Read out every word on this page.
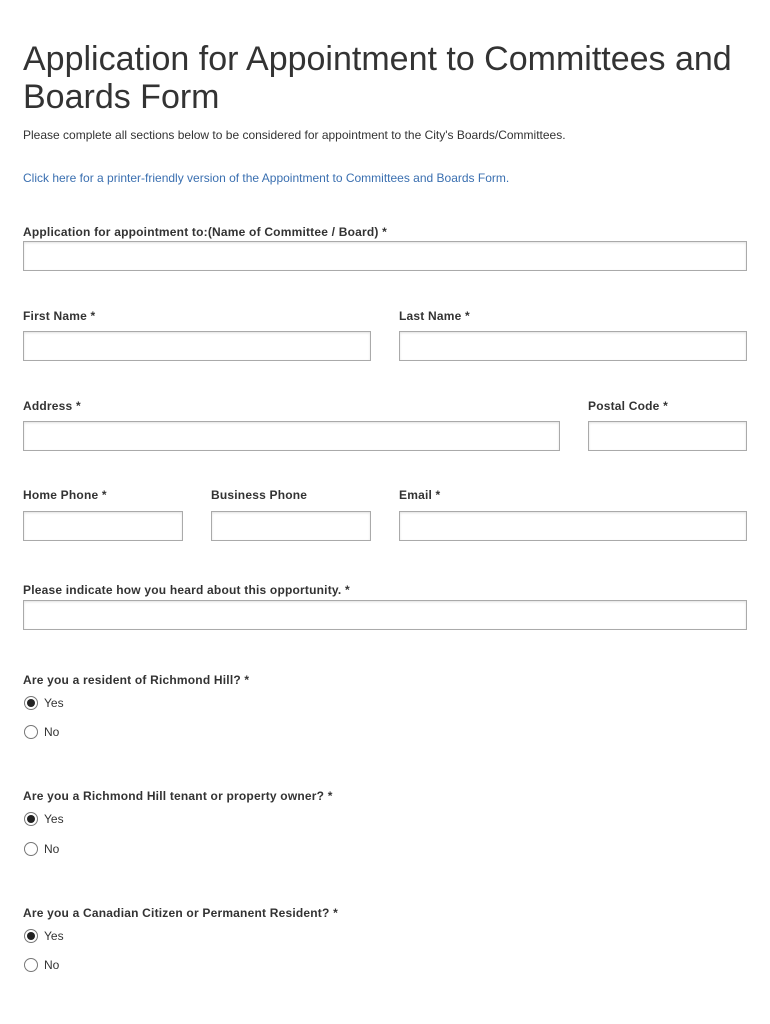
Application for Appointment to Committees and Boards Form
Please complete all sections below to be considered for appointment to the City's Boards/Committees.
Click here for a printer-friendly version of the Appointment to Committees and Boards Form.
Application for appointment to:(Name of Committee / Board) *
First Name *	Last Name *
Address *	Postal Code *
Home Phone *	Business Phone	Email *
Please indicate how you heard about this opportunity. *
Are you a resident of Richmond Hill? *
Yes
No
Are you a Richmond Hill tenant or property owner? *
Yes
No
Are you a Canadian Citizen or Permanent Resident? *
Yes
No
